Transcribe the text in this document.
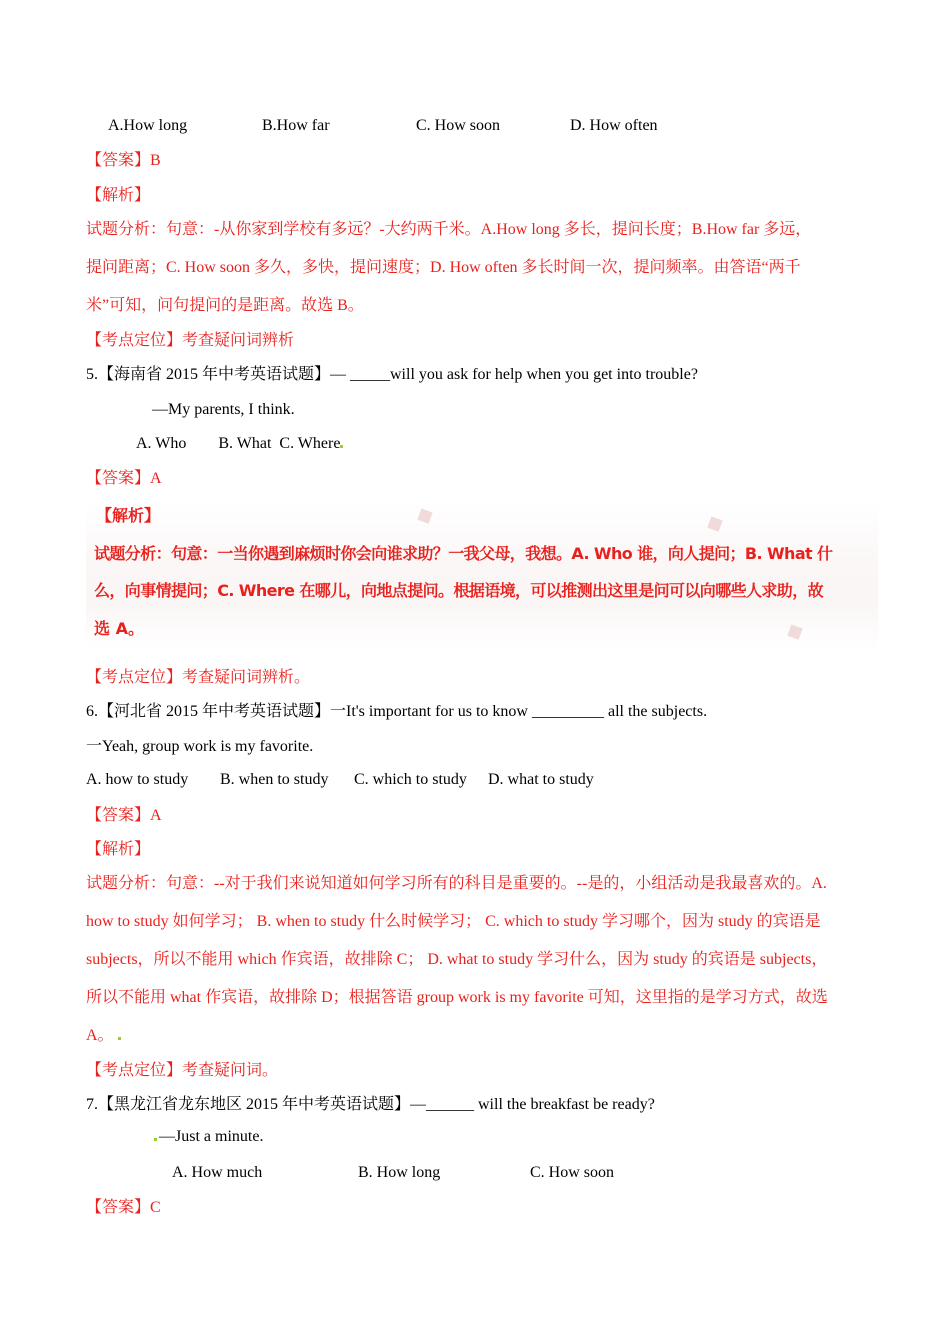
A.How long	B.How far	C. How soon	D. How often
【答案】B
【解析】
试题分析：句意：-从你家到学校有多远？-大约两千米。A.How long 多长，提问长度；B.How far 多远，
提问距离；C. How soon 多久，多快，提问速度；D. How often 多长时间一次，提问频率。由答语“两千
米”可知，问句提问的是距离。故选 B。
【考点定位】考查疑问词辨析
5.【海南省 2015 年中考英语试题】— _____will you ask for help when you get into trouble?
—My parents, I think.
A. Who        B. What  C. Where
【答案】A
◆	◆
◆
【解析】
试题分析：句意：一当你遇到麻烦时你会向谁求助？一我父母，我想。A. Who 谁，向人提问；B. What 什
么，向事情提问；C. Where 在哪儿，向地点提问。根据语境，可以推测出这里是问可以向哪些人求助，故
选 A。
【考点定位】考查疑问词辨析。
6.【河北省 2015 年中考英语试题】一It's important for us to know _________ all the subjects.
一Yeah, group work is my favorite.
A. how to study B. when to study C. which to study D. what to study
【答案】A
【解析】
试题分析：句意：--对于我们来说知道如何学习所有的科目是重要的。--是的，小组活动是我最喜欢的。A.
how to study 如何学习； B. when to study 什么时候学习； C. which to study 学习哪个，因为 study 的宾语是
subjects，所以不能用 which 作宾语，故排除 C； D. what to study 学习什么，因为 study 的宾语是 subjects，
所以不能用 what 作宾语，故排除 D；根据答语 group work is my favorite 可知，这里指的是学习方式，故选
A。
【考点定位】考查疑问词。
7.【黑龙江省龙东地区 2015 年中考英语试题】—______ will the breakfast be ready?
—Just a minute.
A. How much	B. How long	C. How soon
【答案】C
